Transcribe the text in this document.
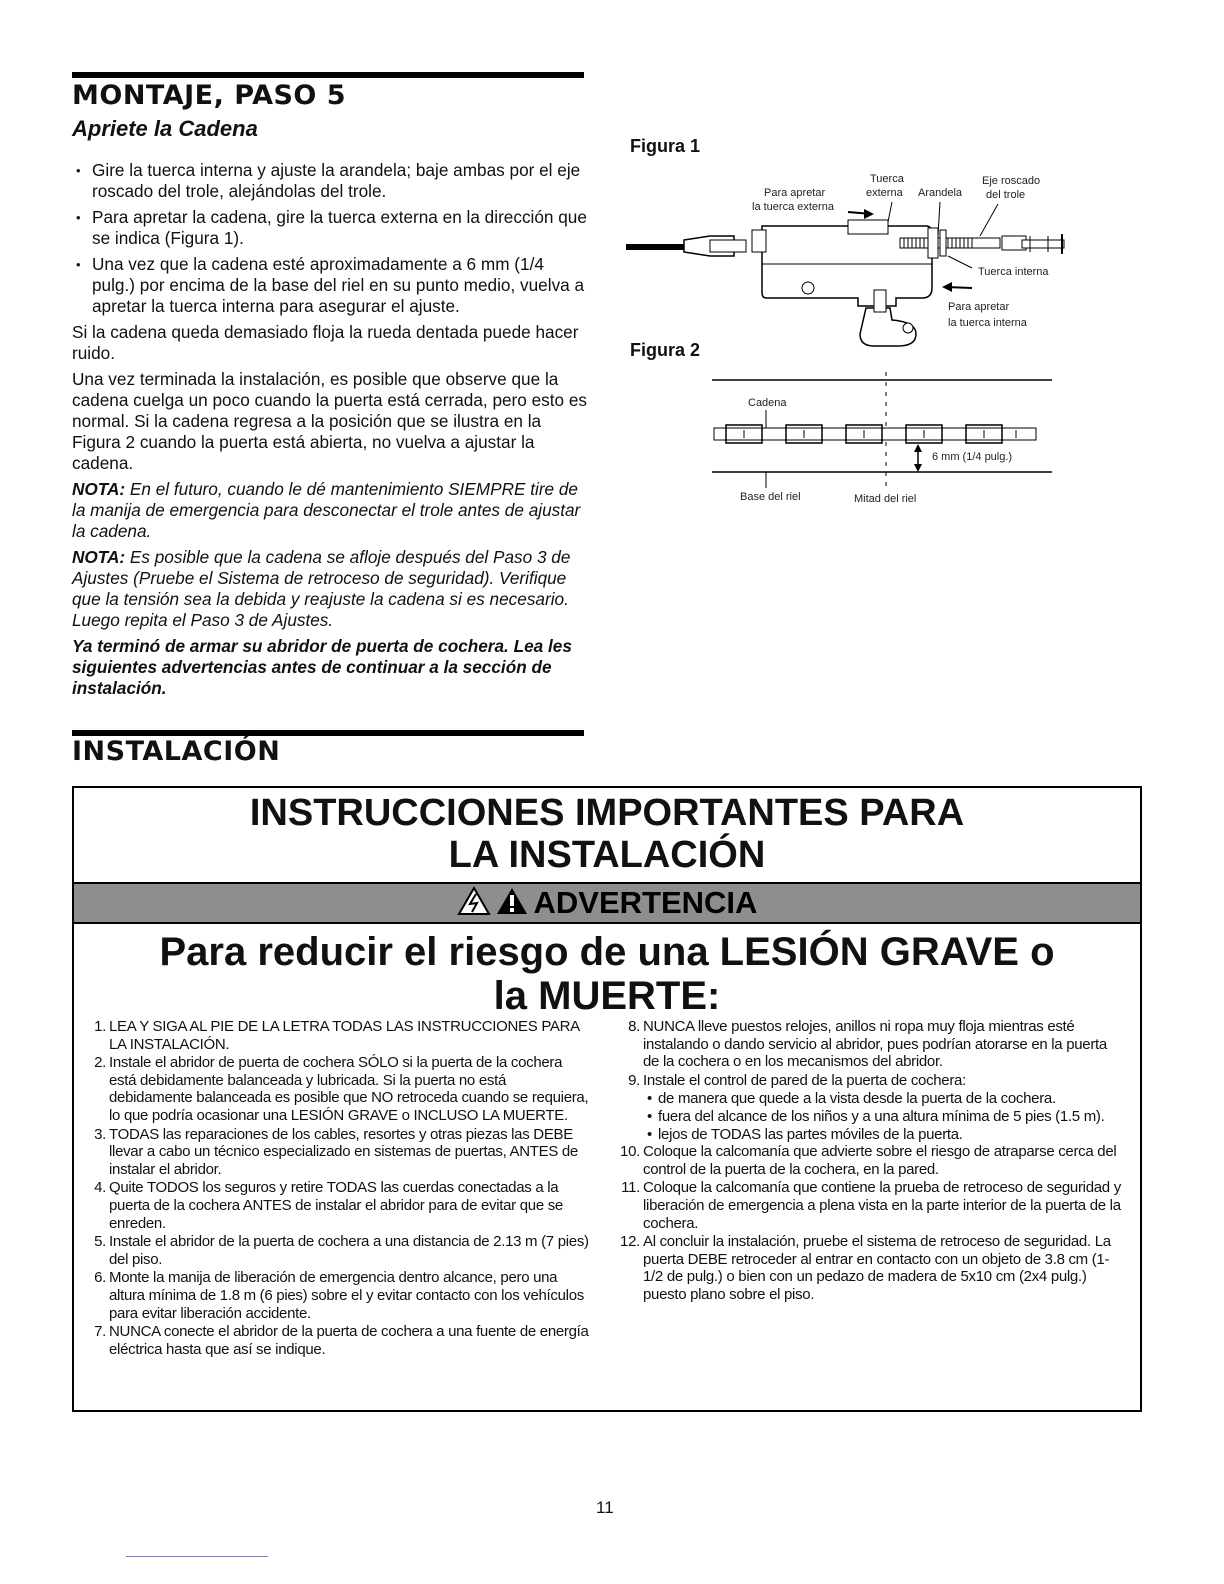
MONTAJE, PASO 5
Apriete la Cadena
• Gire la tuerca interna y ajuste la arandela; baje ambas por el eje roscado del trole, alejándolas del trole.
• Para apretar la cadena, gire la tuerca externa en la dirección que se indica (Figura 1).
• Una vez que la cadena esté aproximadamente a 6 mm (1/4 pulg.) por encima de la base del riel en su punto medio, vuelva a apretar la tuerca interna para asegurar el ajuste.
Si la cadena queda demasiado floja la rueda dentada puede hacer ruido.
Una vez terminada la instalación, es posible que observe que la cadena cuelga un poco cuando la puerta está cerrada, pero esto es normal. Si la cadena regresa a la posición que se ilustra en la Figura 2 cuando la puerta está abierta, no vuelva a ajustar la cadena.
NOTA: En el futuro, cuando le dé mantenimiento SIEMPRE tire de la manija de emergencia para desconectar el trole antes de ajustar la cadena.
NOTA: Es posible que la cadena se afloje después del Paso 3 de Ajustes (Pruebe el Sistema de retroceso de seguridad). Verifique que la tensión sea la debida y reajuste la cadena si es necesario. Luego repita el Paso 3 de Ajustes.
Ya terminó de armar su abridor de puerta de cochera. Lea les siguientes advertencias antes de continuar a la sección de instalación.
Figura 1
Para apretar
la tuerca externa
Tuerca
externa Arandela
Eje roscado
del trole
Tuerca interna
Para apretar
la tuerca interna
Figura 2
Cadena
6 mm (1/4 pulg.)
Base del riel	Mitad del riel
INSTALACIÓN
INSTRUCCIONES IMPORTANTES PARA
LA INSTALACIÓN
ADVERTENCIA
Para reducir el riesgo de una LESIÓN GRAVE o
la MUERTE:
1. LEA Y SIGA AL PIE DE LA LETRA TODAS LAS INSTRUCCIONES PARA LA INSTALACIÓN.
2. Instale el abridor de puerta de cochera SÓLO si la puerta de la cochera está debidamente balanceada y lubricada. Si la puerta no está debidamente balanceada es posible que NO retroceda cuando se requiera, lo que podría ocasionar una LESIÓN GRAVE o INCLUSO LA MUERTE.
3. TODAS las reparaciones de los cables, resortes y otras piezas las DEBE llevar a cabo un técnico especializado en sistemas de puertas, ANTES de instalar el abridor.
4. Quite TODOS los seguros y retire TODAS las cuerdas conectadas a la puerta de la cochera ANTES de instalar el abridor para de evitar que se enreden.
5. Instale el abridor de la puerta de cochera a una distancia de 2.13 m (7 pies) del piso.
6. Monte la manija de liberación de emergencia dentro alcance, pero una altura mínima de 1.8 m (6 pies) sobre el y evitar contacto con los vehículos para evitar liberación accidente.
7. NUNCA conecte el abridor de la puerta de cochera a una fuente de energía eléctrica hasta que así se indique.
8. NUNCA lleve puestos relojes, anillos ni ropa muy floja mientras esté instalando o dando servicio al abridor, pues podrían atorarse en la puerta de la cochera o en los mecanismos del abridor.
9. Instale el control de pared de la puerta de cochera:
• de manera que quede a la vista desde la puerta de la cochera.
• fuera del alcance de los niños y a una altura mínima de 5 pies (1.5 m).
• lejos de TODAS las partes móviles de la puerta.
10. Coloque la calcomanía que advierte sobre el riesgo de atraparse cerca del control de la puerta de la cochera, en la pared.
11. Coloque la calcomanía que contiene la prueba de retroceso de seguridad y liberación de emergencia a plena vista en la parte interior de la puerta de la cochera.
12. Al concluir la instalación, pruebe el sistema de retroceso de seguridad. La puerta DEBE retroceder al entrar en contacto con un objeto de 3.8 cm (1-1/2 de pulg.) o bien con un pedazo de madera de 5x10 cm (2x4 pulg.) puesto plano sobre el piso.
11
